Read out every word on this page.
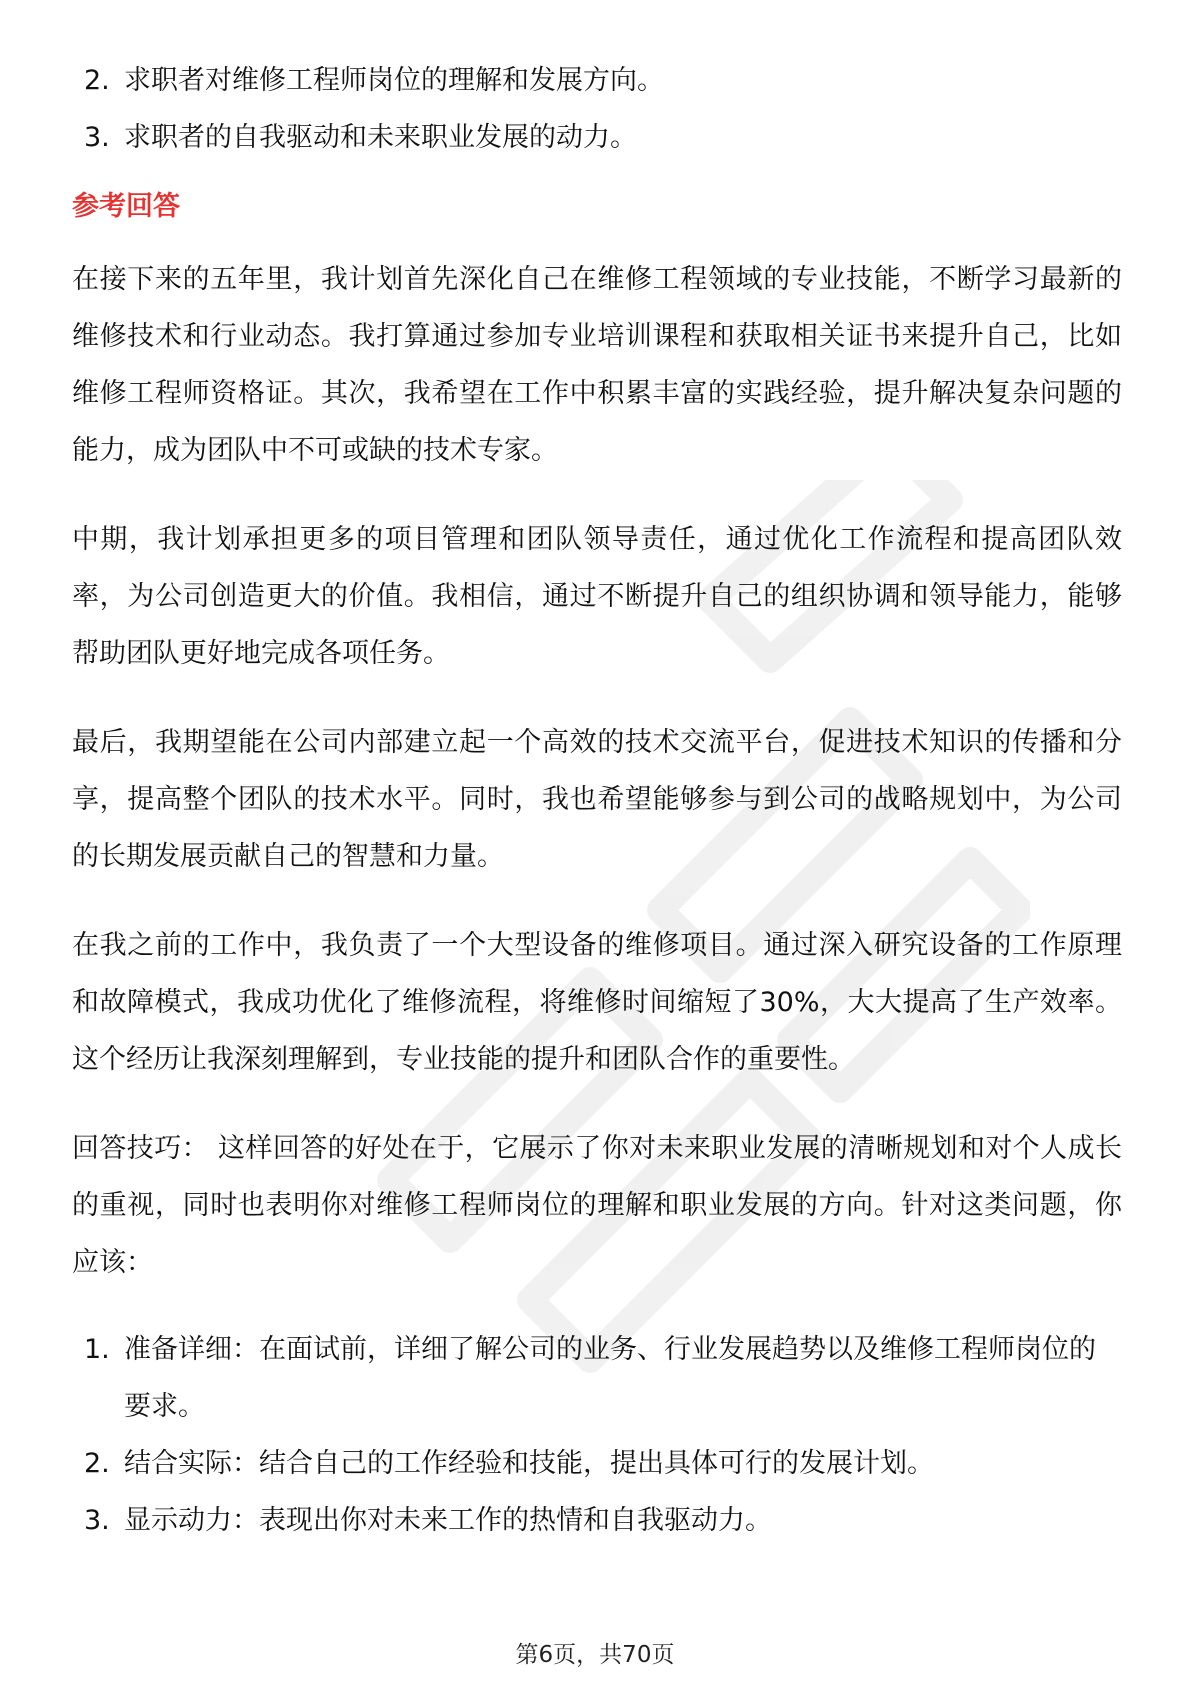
2. 求职者对维修工程师岗位的理解和发展方向。
3. 求职者的自我驱动和未来职业发展的动力。
参考回答

在接下来的五年里，我计划首先深化自己在维修工程领域的专业技能，不断学习最新的维修技术和行业动态。我打算通过参加专业培训课程和获取相关证书来提升自己，比如维修工程师资格证。其次，我希望在工作中积累丰富的实践经验，提升解决复杂问题的能力，成为团队中不可或缺的技术专家。

中期，我计划承担更多的项目管理和团队领导责任，通过优化工作流程和提高团队效率，为公司创造更大的价值。我相信，通过不断提升自己的组织协调和领导能力，能够帮助团队更好地完成各项任务。

最后，我期望能在公司内部建立起一个高效的技术交流平台，促进技术知识的传播和分享，提高整个团队的技术水平。同时，我也希望能够参与到公司的战略规划中，为公司的长期发展贡献自己的智慧和力量。

在我之前的工作中，我负责了一个大型设备的维修项目。通过深入研究设备的工作原理和故障模式，我成功优化了维修流程，将维修时间缩短了30%，大大提高了生产效率。这个经历让我深刻理解到，专业技能的提升和团队合作的重要性。

回答技巧： 这样回答的好处在于，它展示了你对未来职业发展的清晰规划和对个人成长的重视，同时也表明你对维修工程师岗位的理解和职业发展的方向。针对这类问题，你应该：

1. 准备详细：在面试前，详细了解公司的业务、行业发展趋势以及维修工程师岗位的要求。
2. 结合实际：结合自己的工作经验和技能，提出具体可行的发展计划。
3. 显示动力：表现出你对未来工作的热情和自我驱动力。
第6页，共70页
